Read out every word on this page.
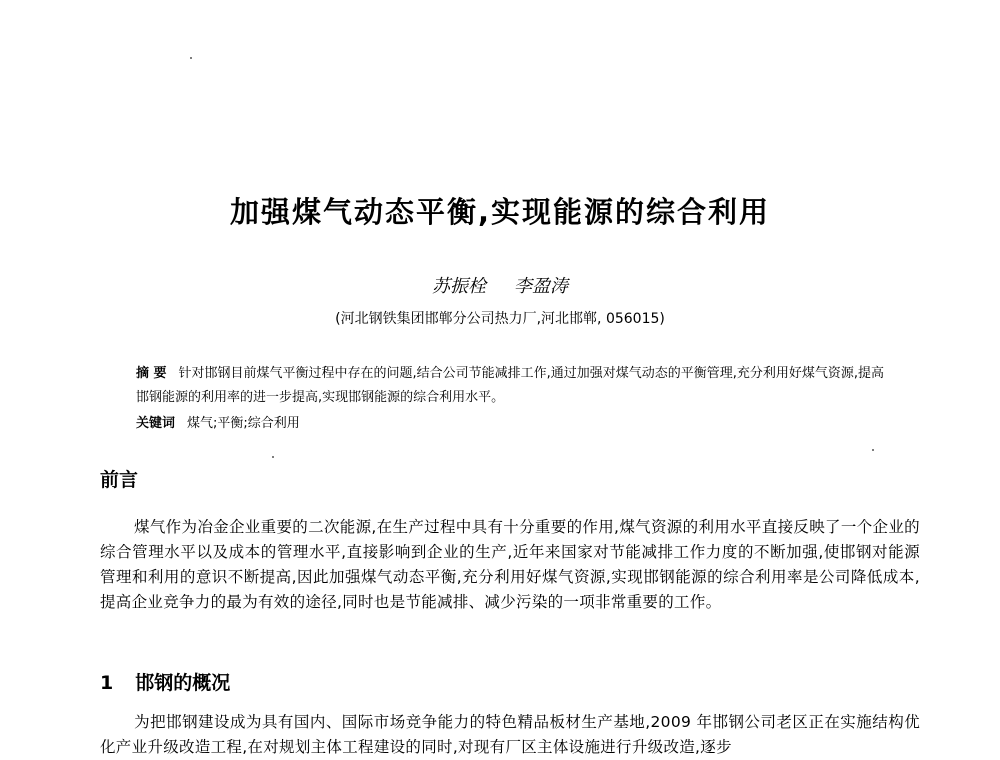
加强煤气动态平衡,实现能源的综合利用
苏振栓 李盈涛
(河北钢铁集团邯郸分公司热力厂,河北邯郸, 056015)
摘 要 针对邯钢目前煤气平衡过程中存在的问题,结合公司节能减排工作,通过加强对煤气动态的平衡管理,充分利用好煤气资源,提高邯钢能源的利用率的进一步提高,实现邯钢能源的综合利用水平。
关键词 煤气;平衡;综合利用
前言
煤气作为冶金企业重要的二次能源,在生产过程中具有十分重要的作用,煤气资源的利用水平直接反映了一个企业的综合管理水平以及成本的管理水平,直接影响到企业的生产,近年来国家对节能减排工作力度的不断加强,使邯钢对能源管理和利用的意识不断提高,因此加强煤气动态平衡,充分利用好煤气资源,实现邯钢能源的综合利用率是公司降低成本,提高企业竞争力的最为有效的途径,同时也是节能减排、减少污染的一项非常重要的工作。
1 邯钢的概况
为把邯钢建设成为具有国内、国际市场竞争能力的特色精品板材生产基地,2009 年邯钢公司老区正在实施结构优化产业升级改造工程,在对规划主体工程建设的同时,对现有厂区主体设施进行升级改造,逐步
